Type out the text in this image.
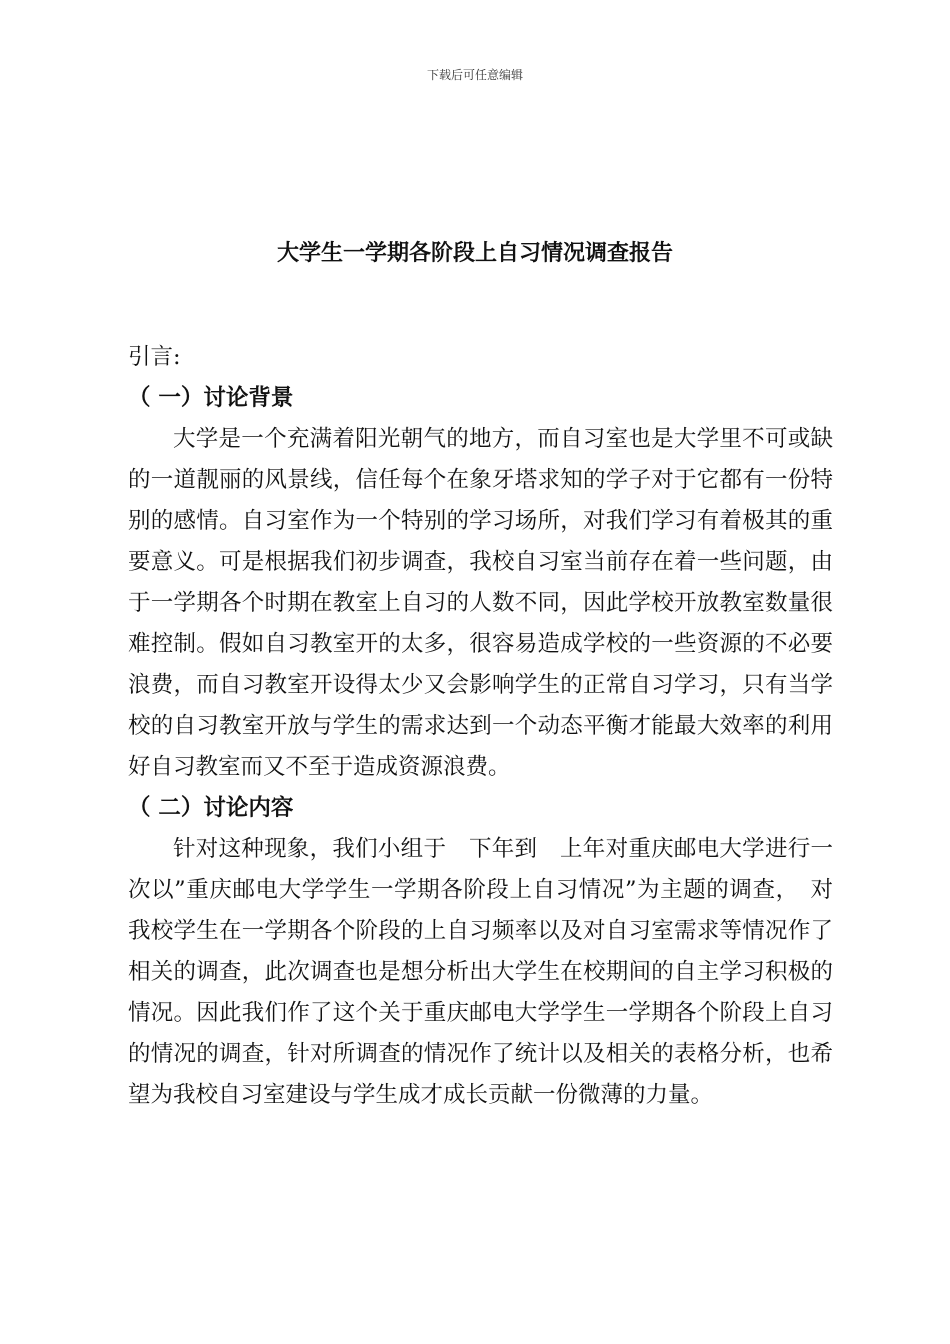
下载后可任意编辑
大学生一学期各阶段上自习情况调查报告
引言:
（ 一）讨论背景

大学是一个充满着阳光朝气的地方，而自习室也是大学里不可或缺的一道靓丽的风景线，信任每个在象牙塔求知的学子对于它都有一份特别的感情。自习室作为一个特别的学习场所，对我们学习有着极其的重要意义。可是根据我们初步调查，我校自习室当前存在着一些问题，由于一学期各个时期在教室上自习的人数不同，因此学校开放教室数量很难控制。假如自习教室开的太多，很容易造成学校的一些资源的不必要浪费，而自习教室开设得太少又会影响学生的正常自习学习，只有当学校的自习教室开放与学生的需求达到一个动态平衡才能最大效率的利用好自习教室而又不至于造成资源浪费。

（ 二）讨论内容

针对这种现象，我们小组于　下年到　上年对重庆邮电大学进行一次以”重庆邮电大学学生一学期各阶段上自习情况”为主题的调查，　对我校学生在一学期各个阶段的上自习频率以及对自习室需求等情况作了相关的调查，此次调查也是想分析出大学生在校期间的自主学习积极的情况。因此我们作了这个关于重庆邮电大学学生一学期各个阶段上自习的情况的调查，针对所调查的情况作了统计以及相关的表格分析，也希望为我校自习室建设与学生成才成长贡献一份微薄的力量。
